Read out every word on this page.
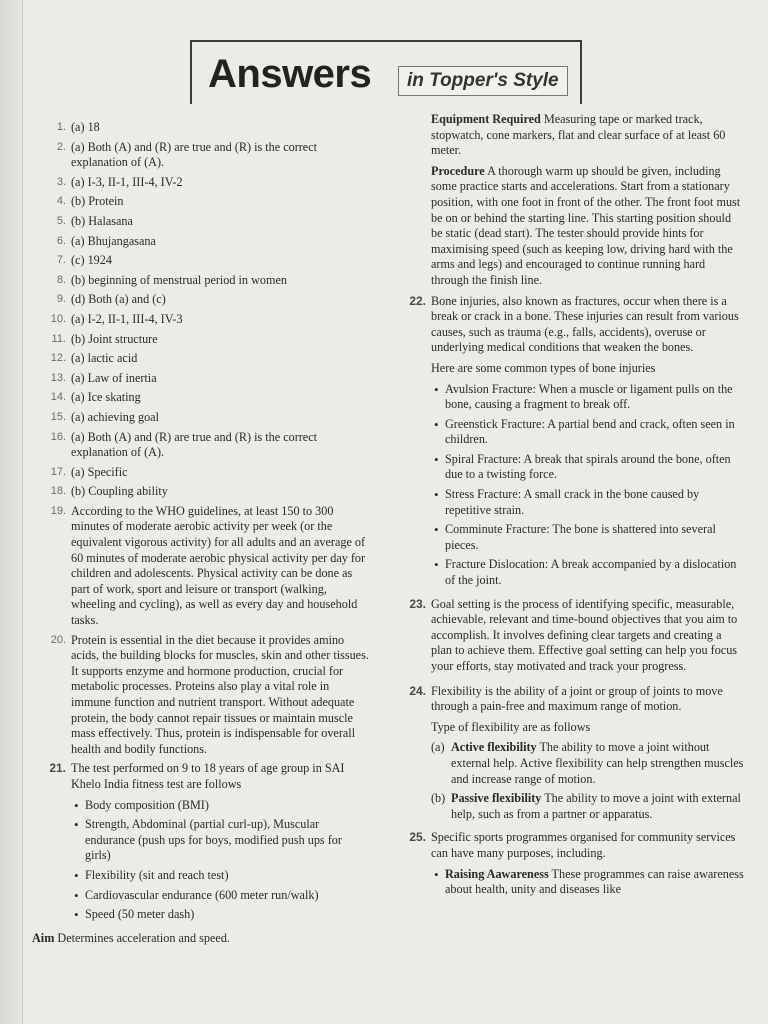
Answers	in Topper's Style
1. (a) 18
2. (a) Both (A) and (R) are true and (R) is the correct explanation of (A).
3. (a) I-3, II-1, III-4, IV-2
4. (b) Protein
5. (b) Halasana
6. (a) Bhujangasana
7. (c) 1924
8. (b) beginning of menstrual period in women
9. (d) Both (a) and (c)
10. (a) I-2, II-1, III-4, IV-3
11. (b) Joint structure
12. (a) lactic acid
13. (a) Law of inertia
14. (a) Ice skating
15. (a) achieving goal
16. (a) Both (A) and (R) are true and (R) is the correct explanation of (A).
17. (a) Specific
18. (b) Coupling ability
19. According to the WHO guidelines, at least 150 to 300 minutes of moderate aerobic activity per week (or the equivalent vigorous activity) for all adults and an average of 60 minutes of moderate aerobic physical activity per day for children and adolescents. Physical activity can be done as part of work, sport and leisure or transport (walking, wheeling and cycling), as well as every day and household tasks.
20. Protein is essential in the diet because it provides amino acids, the building blocks for muscles, skin and other tissues. It supports enzyme and hormone production, crucial for metabolic processes. Proteins also play a vital role in immune function and nutrient transport. Without adequate protein, the body cannot repair tissues or maintain muscle mass effectively. Thus, protein is indispensable for overall health and bodily functions.
21. The test performed on 9 to 18 years of age group in SAI Khelo India fitness test are follows

• Body composition (BMI)
• Strength, Abdominal (partial curl-up), Muscular endurance (push ups for boys, modified push ups for girls)
• Flexibility (sit and reach test)
• Cardiovascular endurance (600 meter run/walk)
• Speed (50 meter dash)
Aim Determines acceleration and speed.

Equipment Required Measuring tape or marked track, stopwatch, cone markers, flat and clear surface of at least 60 meter.

Procedure A thorough warm up should be given, including some practice starts and accelerations. Start from a stationary position, with one foot in front of the other. The front foot must be on or behind the starting line. This starting position should be static (dead start). The tester should provide hints for maximising speed (such as keeping low, driving hard with the arms and legs) and encouraged to continue running hard through the finish line.

22. Bone injuries, also known as fractures, occur when there is a break or crack in a bone. These injuries can result from various causes, such as trauma (e.g., falls, accidents), overuse or underlying medical conditions that weaken the bones.

Here are some common types of bone injuries

• Avulsion Fracture: When a muscle or ligament pulls on the bone, causing a fragment to break off.
• Greenstick Fracture: A partial bend and crack, often seen in children.
• Spiral Fracture: A break that spirals around the bone, often due to a twisting force.
• Stress Fracture: A small crack in the bone caused by repetitive strain.
• Comminute Fracture: The bone is shattered into several pieces.
• Fracture Dislocation: A break accompanied by a dislocation of the joint.
23. Goal setting is the process of identifying specific, measurable, achievable, relevant and time-bound objectives that you aim to accomplish. It involves defining clear targets and creating a plan to achieve them. Effective goal setting can help you focus your efforts, stay motivated and track your progress.

24. Flexibility is the ability of a joint or group of joints to move through a pain-free and maximum range of motion.

Type of flexibility are as follows

(a) Active flexibility The ability to move a joint without external help. Active flexibility can help strengthen muscles and increase range of motion.
(b) Passive flexibility The ability to move a joint with external help, such as from a partner or apparatus.
25. Specific sports programmes organised for community services can have many purposes, including.

• Raising Aawareness These programmes can raise awareness about health, unity and diseases like
